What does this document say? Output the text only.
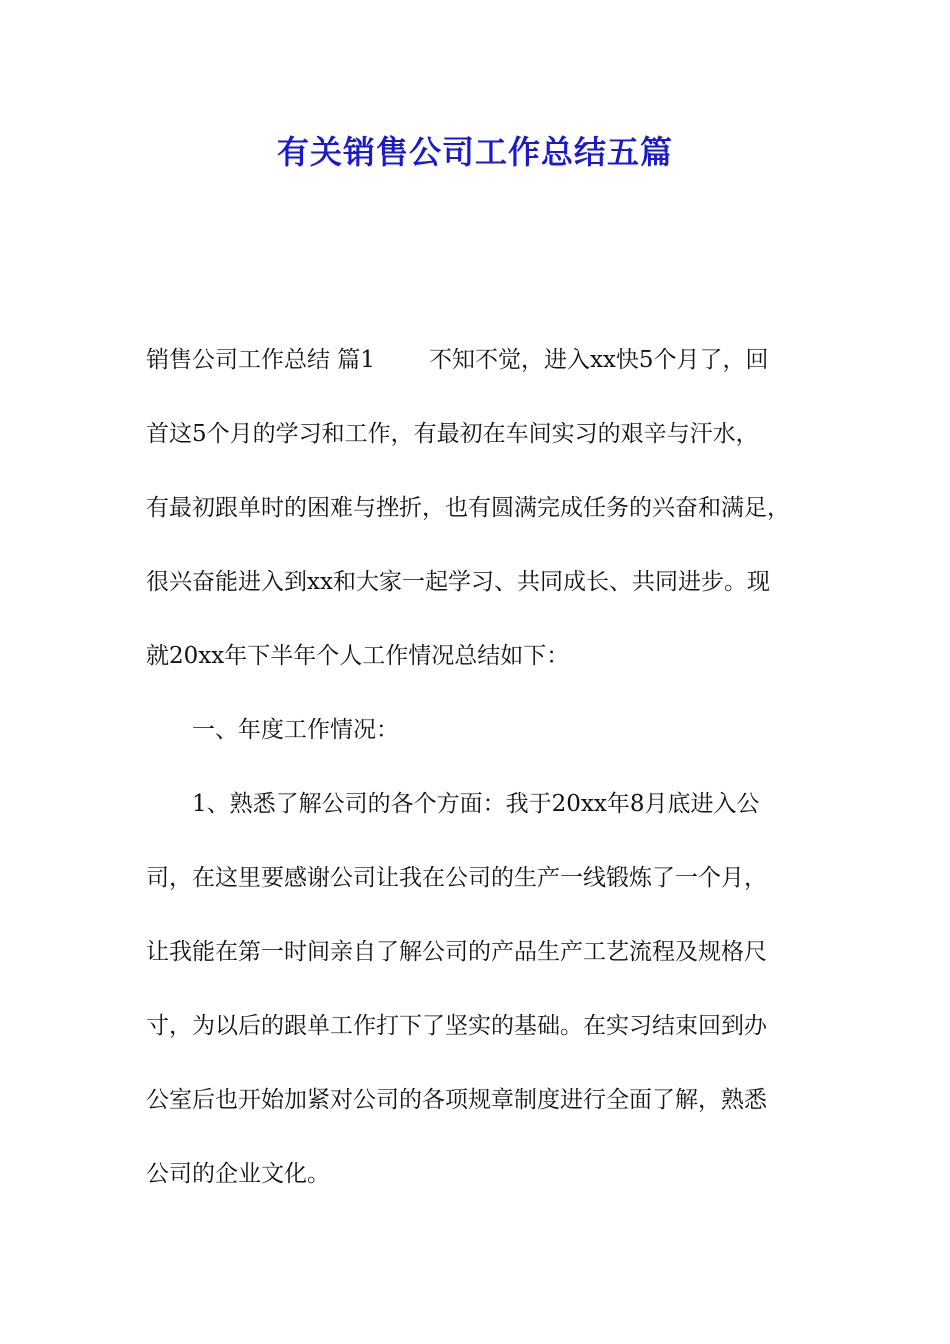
有关销售公司工作总结五篇
销售公司工作总结 篇1 不知不觉，进入xx快5个月了，回
首这5个月的学习和工作，有最初在车间实习的艰辛与汗水，
有最初跟单时的困难与挫折，也有圆满完成任务的兴奋和满足，
很兴奋能进入到xx和大家一起学习、共同成长、共同进步。现
就20xx年下半年个人工作情况总结如下：
一、年度工作情况：
1、熟悉了解公司的各个方面：我于20xx年8月底进入公
司，在这里要感谢公司让我在公司的生产一线锻炼了一个月，
让我能在第一时间亲自了解公司的产品生产工艺流程及规格尺
寸，为以后的跟单工作打下了坚实的基础。在实习结束回到办
公室后也开始加紧对公司的各项规章制度进行全面了解，熟悉
公司的企业文化。
